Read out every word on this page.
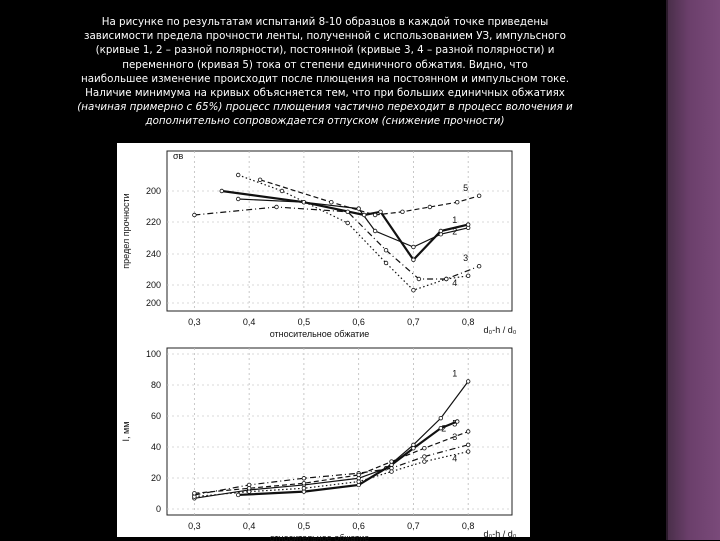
На рисунке по результатам испытаний 8-10 образцов в каждой точке приведены
зависимости предела прочности ленты, полученной с использованием УЗ, импульсного
(кривые 1, 2 – разной полярности), постоянной (кривые 3, 4 – разной полярности) и
переменного (кривая 5) тока от степени единичного обжатия. Видно, что
наибольшее изменение происходит после плющения на постоянном и импульсном токе.
Наличие минимума на кривых объясняется тем, что при больших единичных обжатиях
(начиная примерно с 65%) процесс плющения частично переходит в процесс волочения и
дополнительно сопровождается отпуском (снижение прочности)
0,3	0,4	0,5	0,6	0,7	0,8
200
220
240
200
200
относительное обжатие
предел прочности
d₀-h / d₀
σв
1
2
3
4
5
0,3	0,4	0,5	0,6	0,7	0,8
100
80
60
40
20
0
относительное обжатие
I, мм
d₀-h / d₀
1
2
3
4
5
